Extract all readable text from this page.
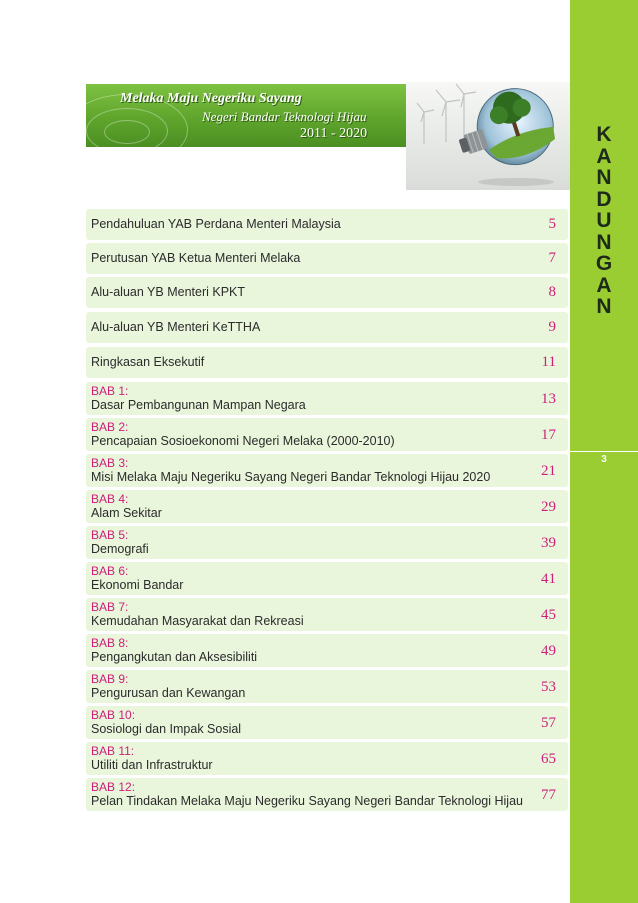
K
A
N
D
U
N
G
A
N
3
Melaka Maju Negeriku Sayang
Negeri Bandar Teknologi Hijau
2011 - 2020
Pendahuluan YAB Perdana Menteri Malaysia	5
Perutusan YAB Ketua Menteri Melaka	7
Alu-aluan YB Menteri KPKT	8
Alu-aluan YB Menteri KeTTHA	9
Ringkasan Eksekutif	11
BAB 1:
Dasar Pembangunan Mampan Negara	13
BAB 2:
Pencapaian Sosioekonomi Negeri Melaka (2000-2010)	17
BAB 3:
Misi Melaka Maju Negeriku Sayang Negeri Bandar Teknologi Hijau 2020	21
BAB 4:
Alam Sekitar	29
BAB 5:
Demografi	39
BAB 6:
Ekonomi Bandar	41
BAB 7:
Kemudahan Masyarakat dan Rekreasi	45
BAB 8:
Pengangkutan dan Aksesibiliti	49
BAB 9:
Pengurusan dan Kewangan	53
BAB 10:
Sosiologi dan Impak Sosial	57
BAB 11:
Utiliti dan Infrastruktur	65
BAB 12:
Pelan Tindakan Melaka Maju Negeriku Sayang Negeri Bandar Teknologi Hijau 77
